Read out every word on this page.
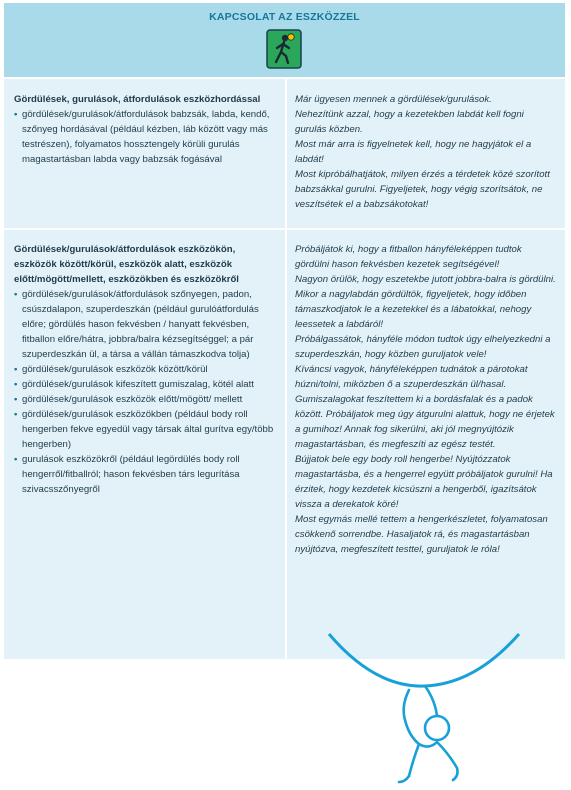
KAPCSOLAT AZ ESZKÖZZEL
Gördülések, gurulások, átfordulások eszközhordással
• gördülések/gurulások/átfordulások babzsák, labda, kendő, szőnyeg hordásával (például kézben, láb között vagy más testrészen), folyamatos hossztengely körüli gurulás magastartásban labda vagy babzsák fogásával

Már ügyesen mennek a gördülések/gurulások.

Nehezítünk azzal, hogy a kezetekben labdát kell fogni gurulás közben.

Most már arra is figyelnetek kell, hogy ne hagyjátok el a labdát!

Most kipróbálhatjátok, milyen érzés a térdetek közé szorított babzsákkal gurulni. Figyeljetek, hogy végig szorítsátok, ne veszítsétek el a babzsákotokat!

Gördülések/gurulások/átfordulások eszközökön, eszközök között/körül, eszközök alatt, eszközök előtt/mögött/mellett, eszközökben és eszközökről
• gördülések/gurulások/átfordulások szőnyegen, padon, csúszdalapon, szuperdeszkán (például gurulóátfordulás előre; gördülés hason fekvésben / hanyatt fekvésben, fitballon előre/hátra, jobbra/balra kézsegítséggel; a pár szuperdeszkán ül, a társa a vállán támaszkodva tolja)
• gördülések/gurulások eszközök között/körül
• gördülések/gurulások kifeszített gumiszalag, kötél alatt
• gördülések/gurulások eszközök előtt/mögött/ mellett
• gördülések/gurulások eszközökben (például body roll hengerben fekve egyedül vagy társak által gurítva egy/több hengerben)
• gurulások eszközökről (például legördülés body roll hengerről/fitballról; hason fekvésben társ legurítása szivacsszőnyegről

Próbáljátok ki, hogy a fitballon hányféleképpen tudtok gördülni hason fekvésben kezetek segítségével!

Nagyon örülök, hogy eszetekbe jutott jobbra-balra is gördülni.

Mikor a nagylabdán gördültök, figyeljetek, hogy időben támaszkodjatok le a kezetekkel és a lábatokkal, nehogy leessetek a labdáról!

Próbálgassátok, hányféle módon tudtok úgy elhelyezkedni a szuperdeszkán, hogy közben guruljatok vele!

Kíváncsi vagyok, hányféleképpen tudnátok a párotokat húzni/tolni, miközben ő a szuperdeszkán ül/hasal.

Gumiszalagokat feszítettem ki a bordásfalak és a padok között. Próbáljatok meg úgy átgurulni alattuk, hogy ne érjetek a gumihoz! Annak fog sikerülni, aki jól megnyújtózik magastartásban, és megfeszíti az egész testét.

Bújjatok bele egy body roll hengerbe! Nyújtózzatok magastartásba, és a hengerrel együtt próbáljatok gurulni! Ha érzitek, hogy kezdetek kicsúszni a hengerből, igazítsátok vissza a derekatok köré!

Most egymás mellé tettem a hengerkészletet, folyamatosan csökkenő sorrendbe. Hasaljatok rá, és magastartásban nyújtózva, megfeszített testtel, guruljatok le róla!
